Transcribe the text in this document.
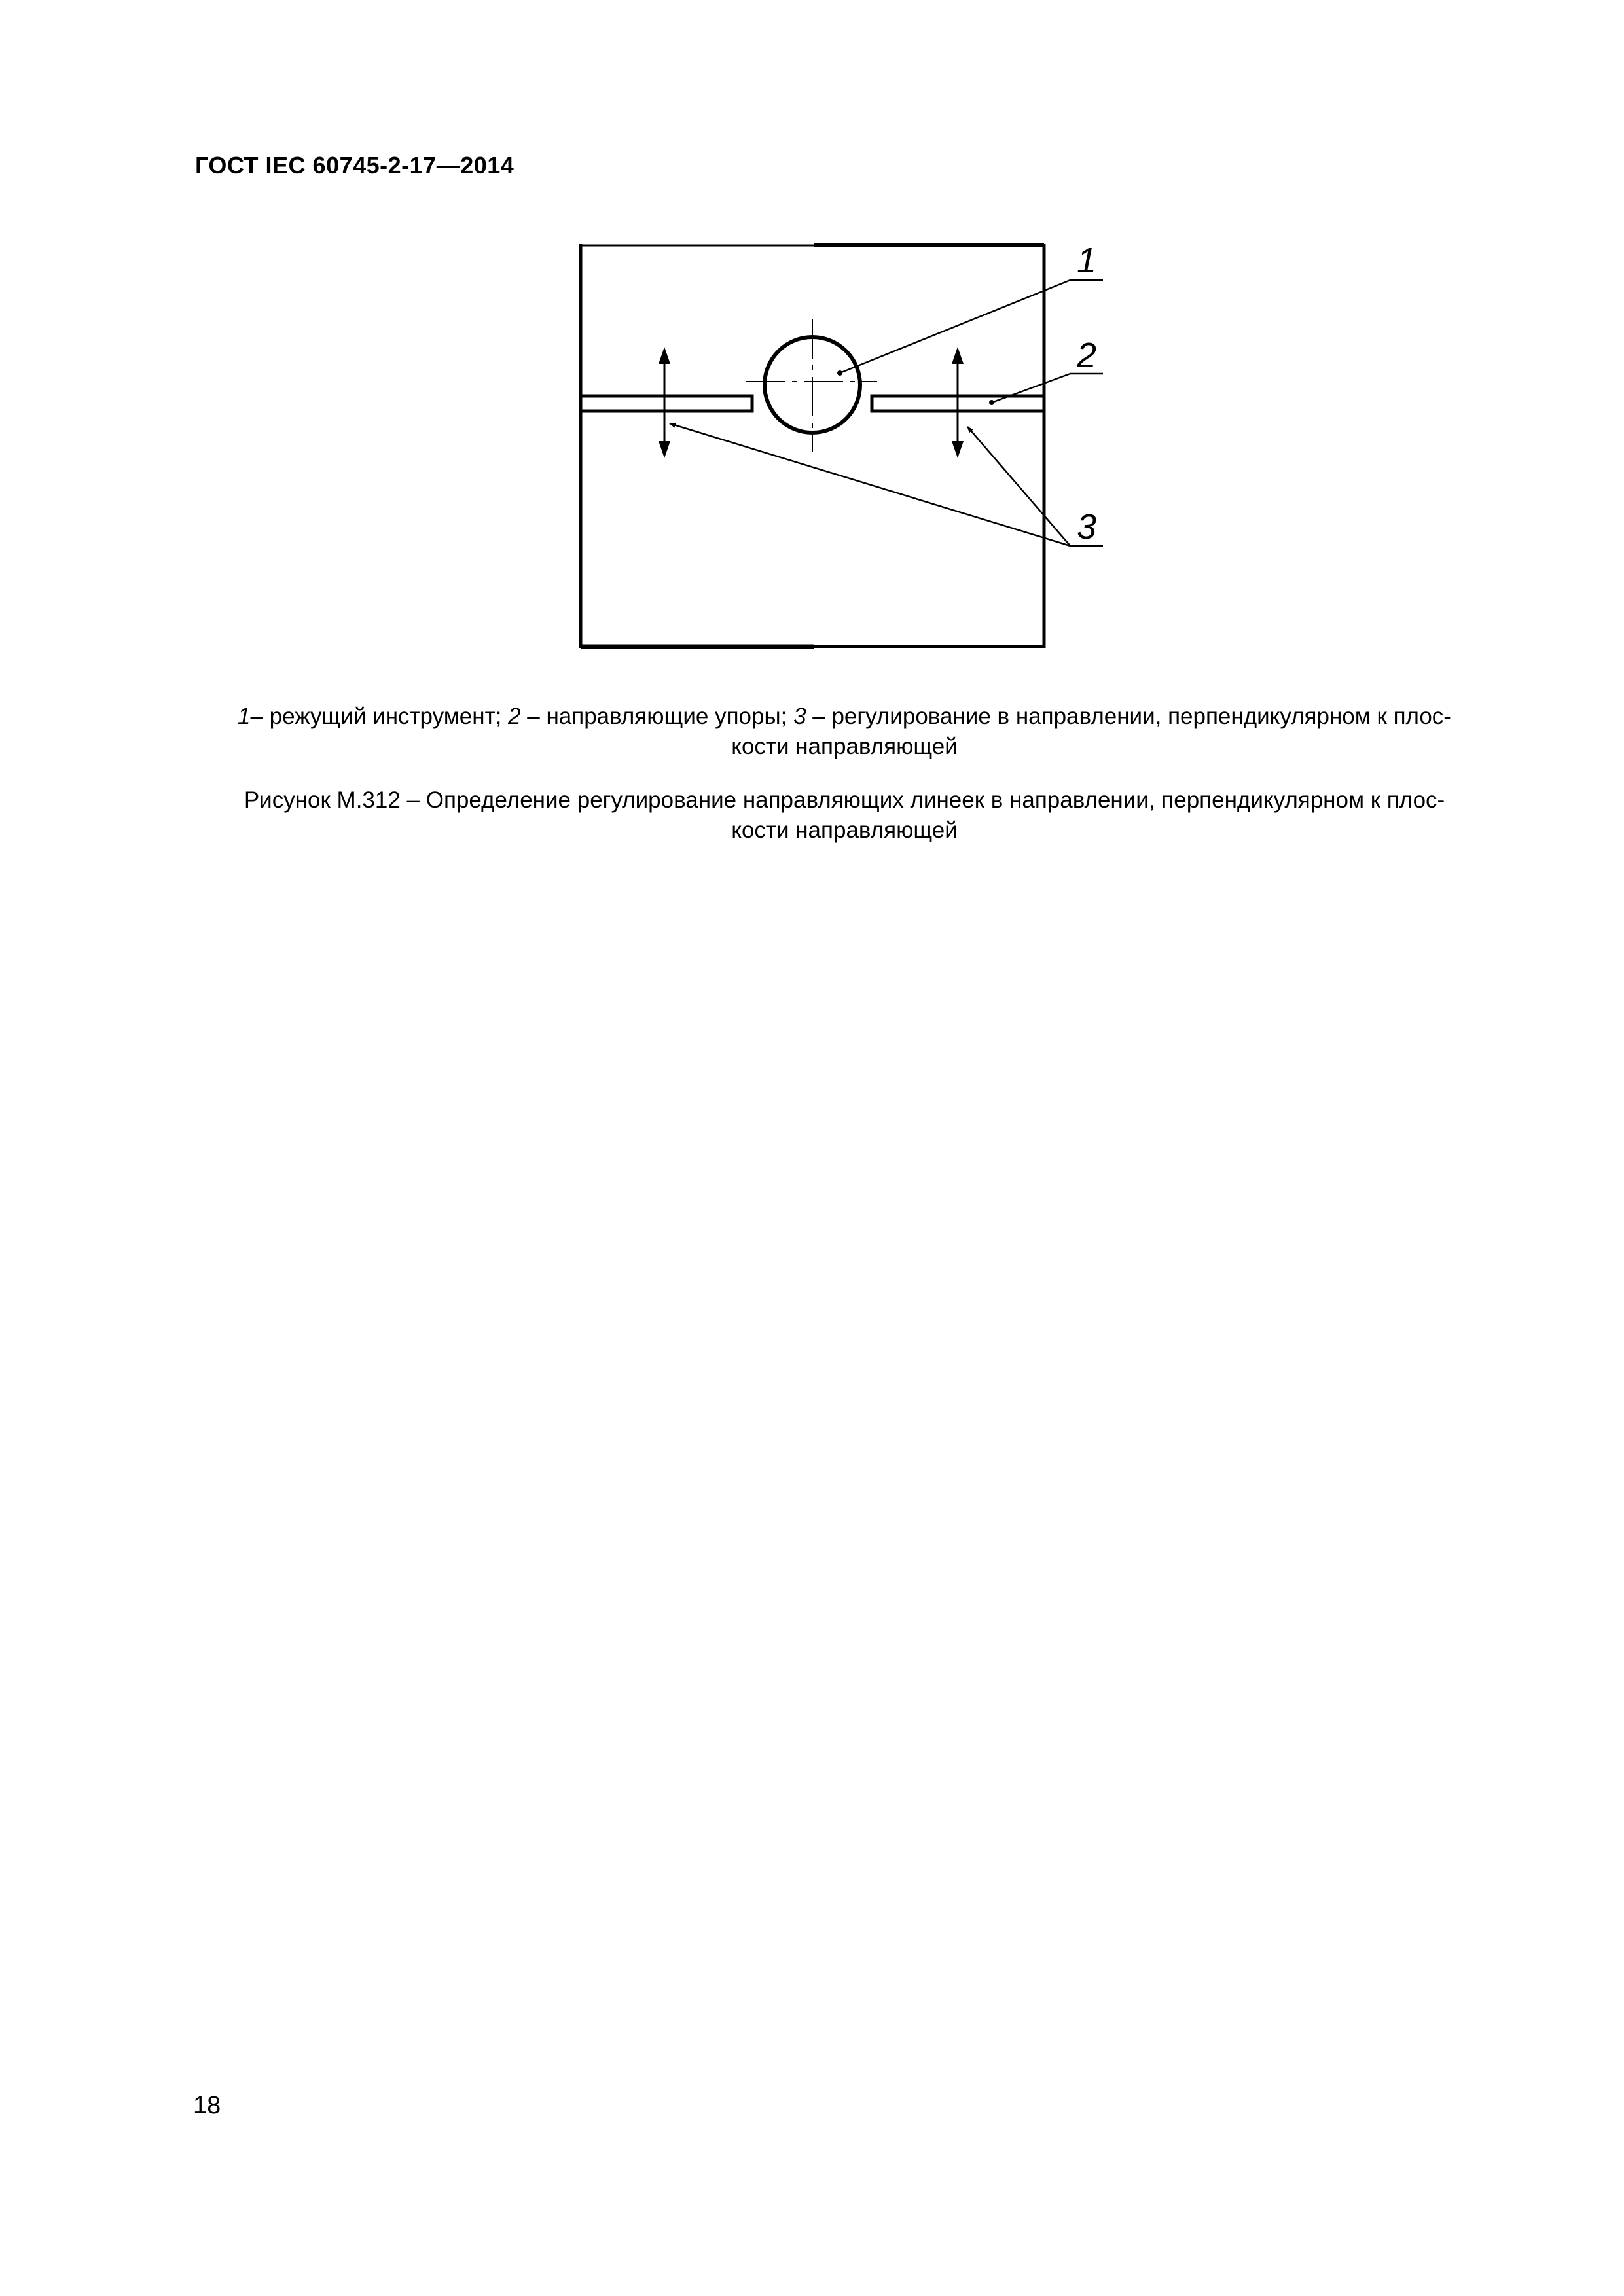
ГОСТ IEC 60745-2-17—2014
1
2
3
1– режущий инструмент; 2 – направляющие упоры; 3 – регулирование в направлении, перпендикулярном к плос-
кости направляющей
Рисунок М.312 – Определение регулирование направляющих линеек в направлении, перпендикулярном к плос-
кости направляющей
18
